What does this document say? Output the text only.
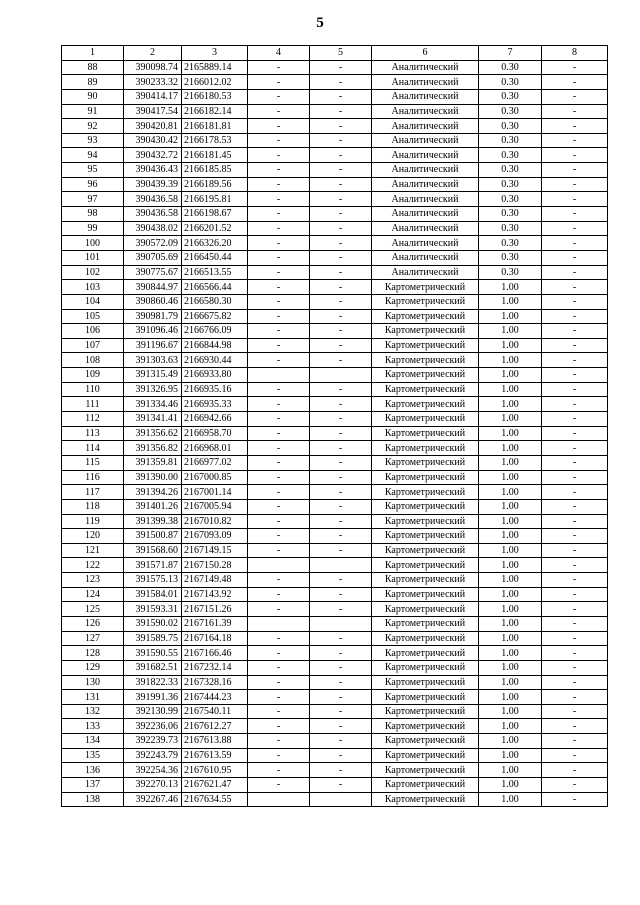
5
1	2	3	4	5	6	7	8
88	390098.74	2165889.14	-	-	Аналитический	0.30	-
89	390233.32	2166012.02	-	-	Аналитический	0.30	-
90	390414.17	2166180.53	-	-	Аналитический	0.30	-
91	390417.54	2166182.14	-	-	Аналитический	0.30	-
92	390420.81	2166181.81	-	-	Аналитический	0.30	-
93	390430.42	2166178.53	-	-	Аналитический	0.30	-
94	390432.72	2166181.45	-	-	Аналитический	0.30	-
95	390436.43	2166185.85	-	-	Аналитический	0.30	-
96	390439.39	2166189.56	-	-	Аналитический	0.30	-
97	390436.58	2166195.81	-	-	Аналитический	0.30	-
98	390436.58	2166198.67	-	-	Аналитический	0.30	-
99	390438.02	2166201.52	-	-	Аналитический	0.30	-
100	390572.09	2166326.20	-	-	Аналитический	0.30	-
101	390705.69	2166450.44	-	-	Аналитический	0.30	-
102	390775.67	2166513.55	-	-	Аналитический	0.30	-
103	390844.97	2166566.44	-	-	Картометрический	1.00	-
104	390860.46	2166580.30	-	-	Картометрический	1.00	-
105	390981.79	2166675.82	-	-	Картометрический	1.00	-
106	391096.46	2166766.09	-	-	Картометрический	1.00	-
107	391196.67	2166844.98	-	-	Картометрический	1.00	-
108	391303.63	2166930.44	-	-	Картометрический	1.00	-
109	391315.49	2166933.80			Картометрический	1.00	-
110	391326.95	2166935.16	-	-	Картометрический	1.00	-
111	391334.46	2166935.33	-	-	Картометрический	1.00	-
112	391341.41	2166942.66	-	-	Картометрический	1.00	-
113	391356.62	2166958.70	-	-	Картометрический	1.00	-
114	391356.82	2166968.01	-	-	Картометрический	1.00	-
115	391359.81	2166977.02	-	-	Картометрический	1.00	-
116	391390.00	2167000.85	-	-	Картометрический	1.00	-
117	391394.26	2167001.14	-	-	Картометрический	1.00	-
118	391401.26	2167005.94	-	-	Картометрический	1.00	-
119	391399.38	2167010.82	-	-	Картометрический	1.00	-
120	391500.87	2167093.09	-	-	Картометрический	1.00	-
121	391568.60	2167149.15	-	-	Картометрический	1.00	-
122	391571.87	2167150.28			Картометрический	1.00	-
123	391575.13	2167149.48	-	-	Картометрический	1.00	-
124	391584.01	2167143.92	-	-	Картометрический	1.00	-
125	391593.31	2167151.26	-	-	Картометрический	1.00	-
126	391590.02	2167161.39			Картометрический	1.00	-
127	391589.75	2167164.18	-	-	Картометрический	1.00	-
128	391590.55	2167166.46	-	-	Картометрический	1.00	-
129	391682.51	2167232.14	-	-	Картометрический	1.00	-
130	391822.33	2167328.16	-	-	Картометрический	1.00	-
131	391991.36	2167444.23	-	-	Картометрический	1.00	-
132	392130.99	2167540.11	-	-	Картометрический	1.00	-
133	392236.06	2167612.27	-	-	Картометрический	1.00	-
134	392239.73	2167613.88	-	-	Картометрический	1.00	-
135	392243.79	2167613.59	-	-	Картометрический	1.00	-
136	392254.36	2167610.95	-	-	Картометрический	1.00	-
137	392270.13	2167621.47	-	-	Картометрический	1.00	-
138	392267.46	2167634.55			Картометрический	1.00	-
